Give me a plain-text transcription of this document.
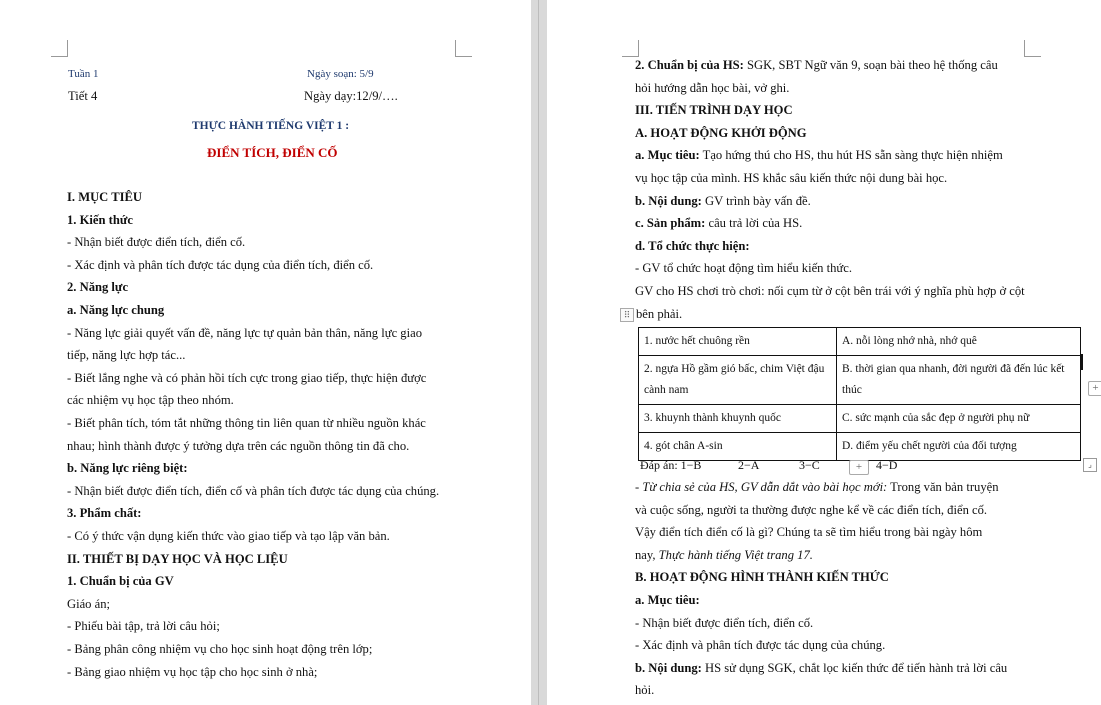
Tuần 1	Ngày soạn: 5/9
Tiết 4	Ngày dạy:12/9/….
THỰC HÀNH TIẾNG VIỆT 1 :
ĐIỂN TÍCH, ĐIỂN CỐ
I. MỤC TIÊU
1. Kiến thức
- Nhận biết được điển tích, điển cố.
- Xác định và phân tích được tác dụng của điển tích, điển cố.
2. Năng lực
a. Năng lực chung
- Năng lực giải quyết vấn đề, năng lực tự quản bản thân, năng lực giao
tiếp, năng lực hợp tác...
- Biết lắng nghe và có phản hồi tích cực trong giao tiếp, thực hiện được
các nhiệm vụ học tập theo nhóm.
- Biết phân tích, tóm tắt những thông tin liên quan từ nhiều nguồn khác
nhau; hình thành được ý tưởng dựa trên các nguồn thông tin đã cho.
b. Năng lực riêng biệt:
- Nhận biết được điển tích, điển cố và phân tích được tác dụng của chúng.
3. Phẩm chất:
- Có ý thức vận dụng kiến thức vào giao tiếp và tạo lập văn bản.
II. THIẾT BỊ DẠY HỌC VÀ HỌC LIỆU
1. Chuẩn bị của GV
Giáo án;
- Phiếu bài tập, trả lời câu hỏi;
- Bảng phân công nhiệm vụ cho học sinh hoạt động trên lớp;
- Bảng giao nhiệm vụ học tập cho học sinh ở nhà;
2. Chuẩn bị của HS: SGK, SBT Ngữ văn 9, soạn bài theo hệ thống câu
hỏi hướng dẫn học bài, vở ghi.
III. TIẾN TRÌNH DẠY HỌC
A. HOẠT ĐỘNG KHỞI ĐỘNG
a. Mục tiêu: Tạo hứng thú cho HS, thu hút HS sẵn sàng thực hiện nhiệm
vụ học tập của mình. HS khắc sâu kiến thức nội dung bài học.
b. Nội dung: GV trình bày vấn đề.
c. Sản phẩm: câu trả lời của HS.
d. Tổ chức thực hiện:
- GV tổ chức hoạt động tìm hiểu kiến thức.
GV cho HS chơi trò chơi: nối cụm từ ở cột bên trái với ý nghĩa phù hợp ở cột
bên phải.
⠿
1. nước hết chuông rền	A. nỗi lòng nhớ nhà, nhớ quê
2. ngựa Hồ gầm gió bấc, chim Việt đậu cành nam	B. thời gian qua nhanh, đời người đã đến lúc kết thúc
3. khuynh thành khuynh quốc	C. sức mạnh của sắc đẹp ở người phụ nữ
4. gót chân A-sin	D. điểm yếu chết người của đối tượng
+
Đáp án: 1−B	2−A	3−C	+	4−D	⌟
- Từ chia sẻ của HS, GV dẫn dắt vào bài học mới: Trong văn bản truyện
và cuộc sống, người ta thường được nghe kể về các điển tích, điển cố.
Vậy điển tích điển cố là gì? Chúng ta sẽ tìm hiểu trong bài ngày hôm
nay, Thực hành tiếng Việt trang 17.
B. HOẠT ĐỘNG HÌNH THÀNH KIẾN THỨC
a. Mục tiêu:
- Nhận biết được điển tích, điển cố.
- Xác định và phân tích được tác dụng của chúng.
b. Nội dung: HS sử dụng SGK, chắt lọc kiến thức để tiến hành trả lời câu
hỏi.
